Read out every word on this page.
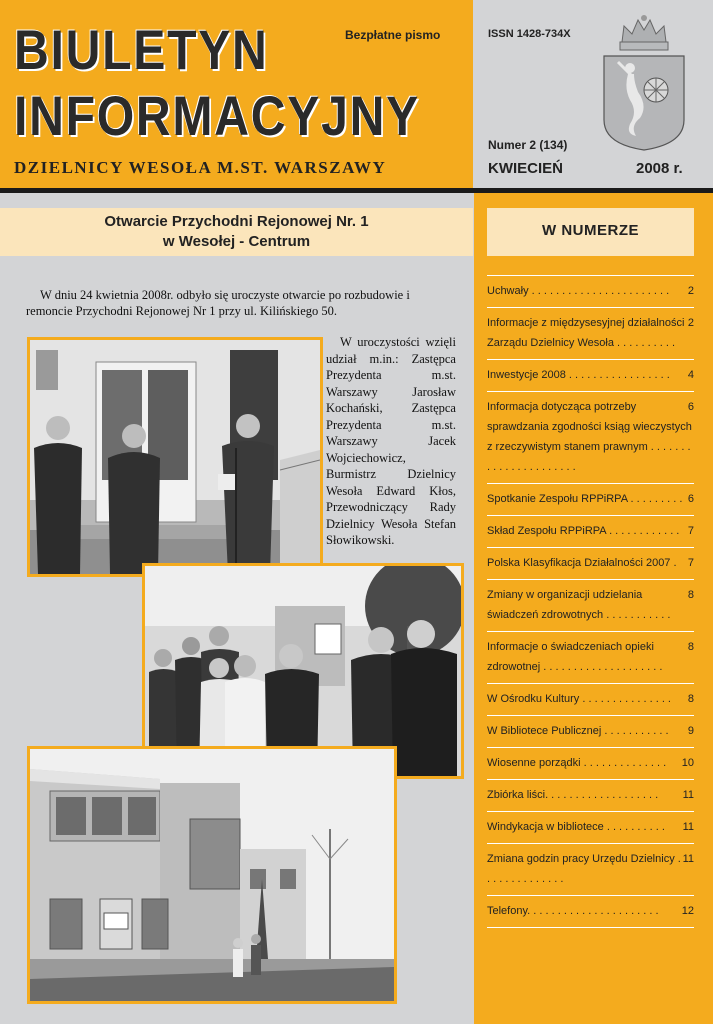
BIULETYN
INFORMACYJNY
Bezpłatne pismo
DZIELNICY WESOŁA M.ST. WARSZAWY
ISSN 1428-734X
Numer 2 (134)
KWIECIEŃ	2008 r.
Otwarcie Przychodni Rejonowej Nr. 1
w Wesołej - Centrum
W dniu 24 kwietnia 2008r. odbyło się uroczyste otwarcie po rozbudowie i remoncie Przychodni Rejonowej Nr 1 przy ul. Kilińskiego 50.
W uroczystości wzięli udział m.in.: Zastępca Prezydenta m.st. Warszawy Jarosław Kochański, Zastępca Prezydenta m.st. Warszawy Jacek Wojciechowicz, Burmistrz Dzielnicy Wesoła Edward Kłos, Przewodniczący Rady Dzielnicy Wesoła Stefan Słowikowski.
W NUMERZE
2
Uchwały . . . . . . . . . . . . . . . . . . . . . . .
2
Informacje z międzysesyjnej działalności Zarządu Dzielnicy Wesoła . . . . . . . . . .
4
Inwestycje 2008 . . . . . . . . . . . . . . . . .
6
Informacja dotycząca potrzeby sprawdzania zgodności ksiąg wieczystych z rzeczywistym stanem prawnym . . . . . . . . . . . . . . . . . . . . . .
6
Spotkanie Zespołu RPPiRPA . . . . . . . . .
7
Skład Zespołu RPPiRPA . . . . . . . . . . . .
7
Polska Klasyfikacja Działalności 2007 .
8
Zmiany w organizacji udzielania świadczeń zdrowotnych . . . . . . . . . . .
8
Informacje o świadczeniach opieki zdrowotnej . . . . . . . . . . . . . . . . . . . .
8
W Ośrodku Kultury . . . . . . . . . . . . . . .
9
W Bibliotece Publicznej . . . . . . . . . . .
10
Wiosenne porządki . . . . . . . . . . . . . .
11
Zbiórka liści. . . . . . . . . . . . . . . . . . .
11
Windykacja w bibliotece . . . . . . . . . .
11
Zmiana godzin pracy Urzędu Dzielnicy . . . . . . . . . . . . . .
12
Telefony. . . . . . . . . . . . . . . . . . . . . .
